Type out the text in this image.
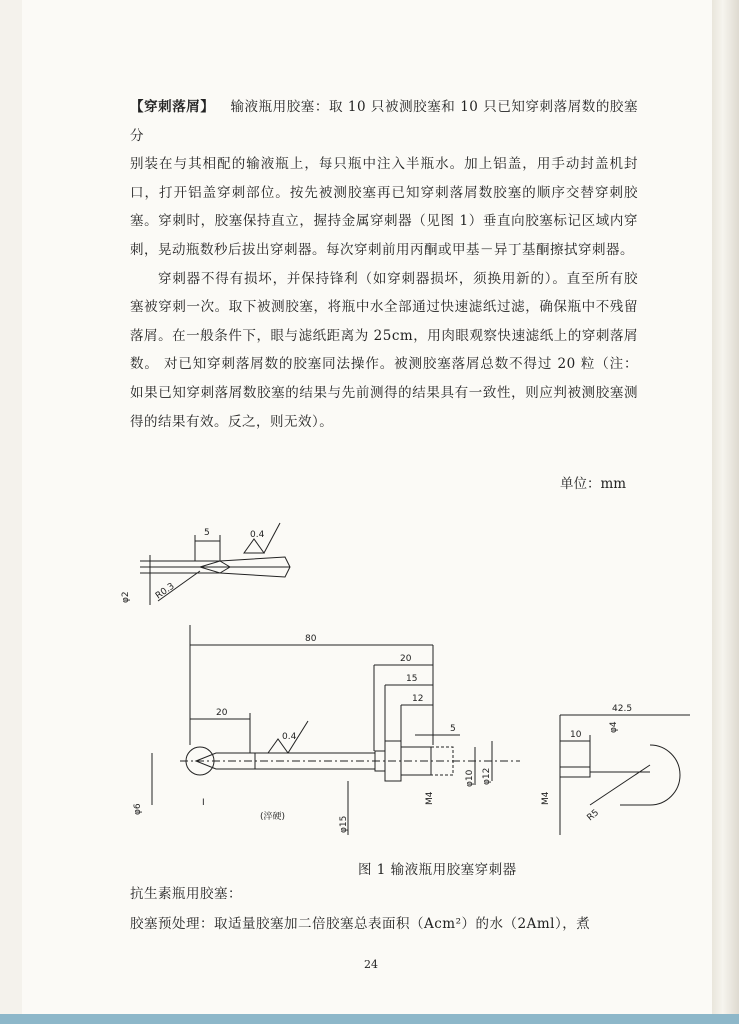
【穿刺落屑】 输液瓶用胶塞：取 10 只被测胶塞和 10 只已知穿刺落屑数的胶塞分

别装在与其相配的输液瓶上，每只瓶中注入半瓶水。加上铝盖，用手动封盖机封口，打开铝盖穿刺部位。按先被测胶塞再已知穿刺落屑数胶塞的顺序交替穿刺胶塞。穿刺时，胶塞保持直立，握持金属穿刺器（见图 1）垂直向胶塞标记区域内穿刺，晃动瓶数秒后拔出穿刺器。每次穿刺前用丙酮或甲基－异丁基酮擦拭穿刺器。

穿刺器不得有损坏，并保持锋利（如穿刺器损坏，须换用新的）。直至所有胶塞被穿刺一次。取下被测胶塞，将瓶中水全部通过快速滤纸过滤，确保瓶中不残留落屑。在一般条件下，眼与滤纸距离为 25cm，用肉眼观察快速滤纸上的穿刺落屑数。 对已知穿刺落屑数的胶塞同法操作。被测胶塞落屑总数不得过 20 粒（注：如果已知穿刺落屑数胶塞的结果与先前测得的结果具有一致性，则应判被测胶塞测得的结果有效。反之，则无效）。

单位：mm
5	0.4
φ2	R0.3
80
20
15
12
5
20
0.4
φ6
I
(淬硬)	φ15
M4
φ10 φ12
42.5
10
φ4
M4
R5
图 1 输液瓶用胶塞穿刺器
抗生素瓶用胶塞：
胶塞预处理：取适量胶塞加二倍胶塞总表面积（Acm²）的水（2Aml），煮
24
